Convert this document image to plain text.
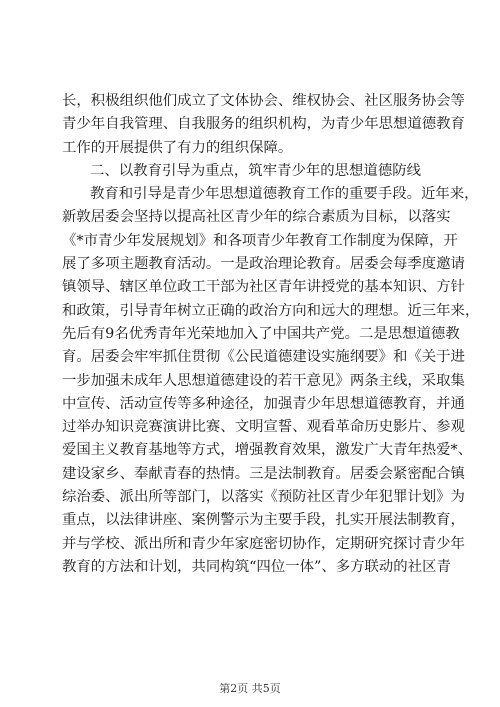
长，积极组织他们成立了文体协会、维权协会、社区服务协会等
青少年自我管理、自我服务的组织机构，为青少年思想道德教育
工作的开展提供了有力的组织保障。
二、以教育引导为重点，筑牢青少年的思想道德防线
教育和引导是青少年思想道德教育工作的重要手段。近年来，
新敦居委会坚持以提高社区青少年的综合素质为目标，以落实
《*市青少年发展规划》和各项青少年教育工作制度为保障，开
展了多项主题教育活动。一是政治理论教育。居委会每季度邀请
镇领导、辖区单位政工干部为社区青年讲授党的基本知识、方针
和政策，引导青年树立正确的政治方向和远大的理想。近三年来，
先后有9名优秀青年光荣地加入了中国共产党。二是思想道德教
育。居委会牢牢抓住贯彻《公民道德建设实施纲要》和《关于进
一步加强未成年人思想道德建设的若干意见》两条主线，采取集
中宣传、活动宣传等多种途径，加强青少年思想道德教育，并通
过举办知识竞赛演讲比赛、文明宣誓、观看革命历史影片、参观
爱国主义教育基地等方式，增强教育效果，激发广大青年热爱*、
建设家乡、奉献青春的热情。三是法制教育。居委会紧密配合镇
综治委、派出所等部门，以落实《预防社区青少年犯罪计划》为
重点，以法律讲座、案例警示为主要手段，扎实开展法制教育，
并与学校、派出所和青少年家庭密切协作，定期研究探讨青少年
教育的方法和计划，共同构筑“四位一体”、多方联动的社区青
第2页 共5页
